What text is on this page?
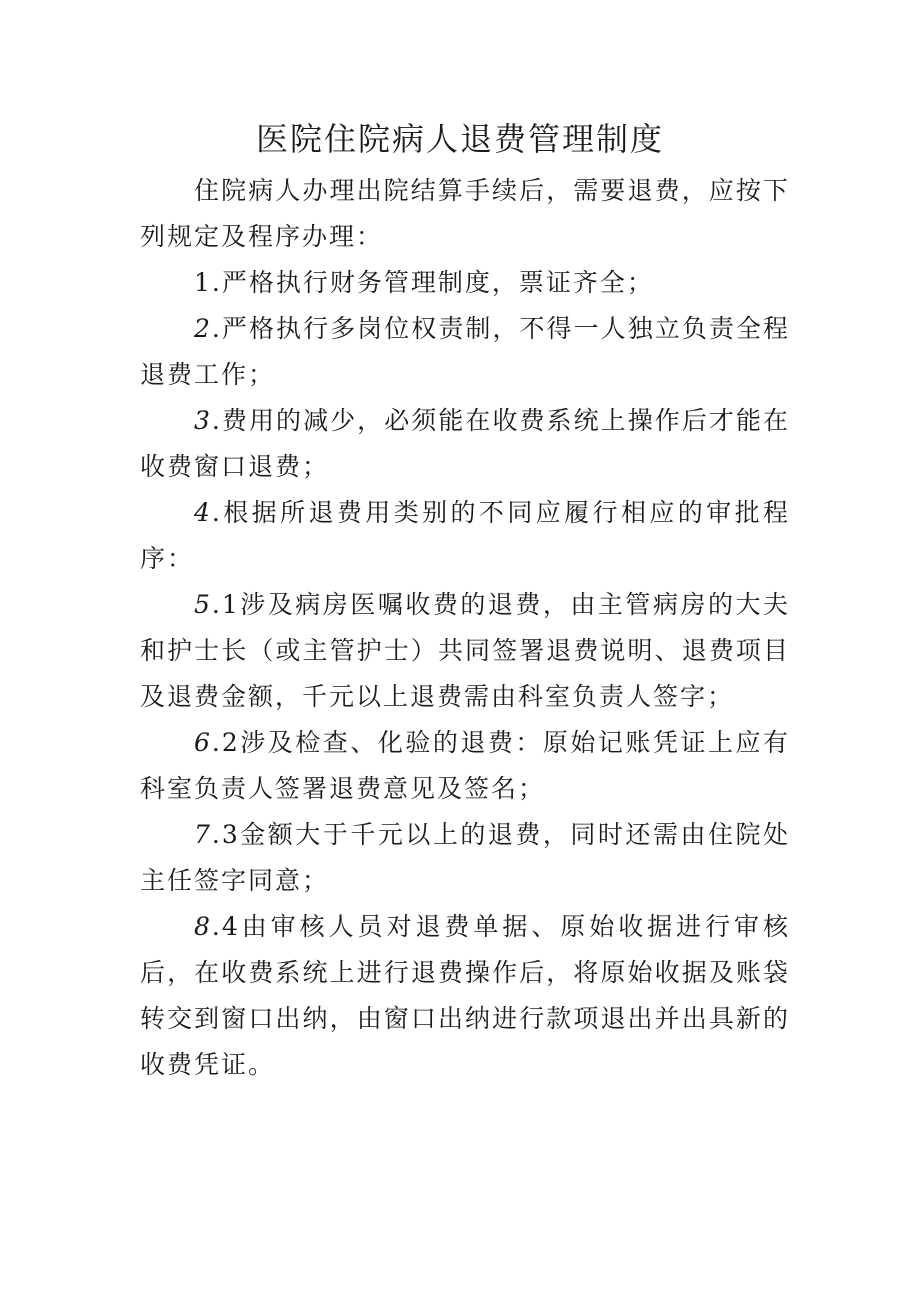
医院住院病人退费管理制度

住院病人办理出院结算手续后，需要退费，应按下列规定及程序办理：

1.严格执行财务管理制度，票证齐全；

2.严格执行多岗位权责制，不得一人独立负责全程退费工作；

3.费用的减少，必须能在收费系统上操作后才能在收费窗口退费；

4.根据所退费用类别的不同应履行相应的审批程序：

5.1涉及病房医嘱收费的退费，由主管病房的大夫和护士长（或主管护士）共同签署退费说明、退费项目及退费金额，千元以上退费需由科室负责人签字；

6.2涉及检查、化验的退费：原始记账凭证上应有科室负责人签署退费意见及签名；

7.3金额大于千元以上的退费，同时还需由住院处主任签字同意；

8.4由审核人员对退费单据、原始收据进行审核后，在收费系统上进行退费操作后，将原始收据及账袋转交到窗口出纳，由窗口出纳进行款项退出并出具新的收费凭证。
